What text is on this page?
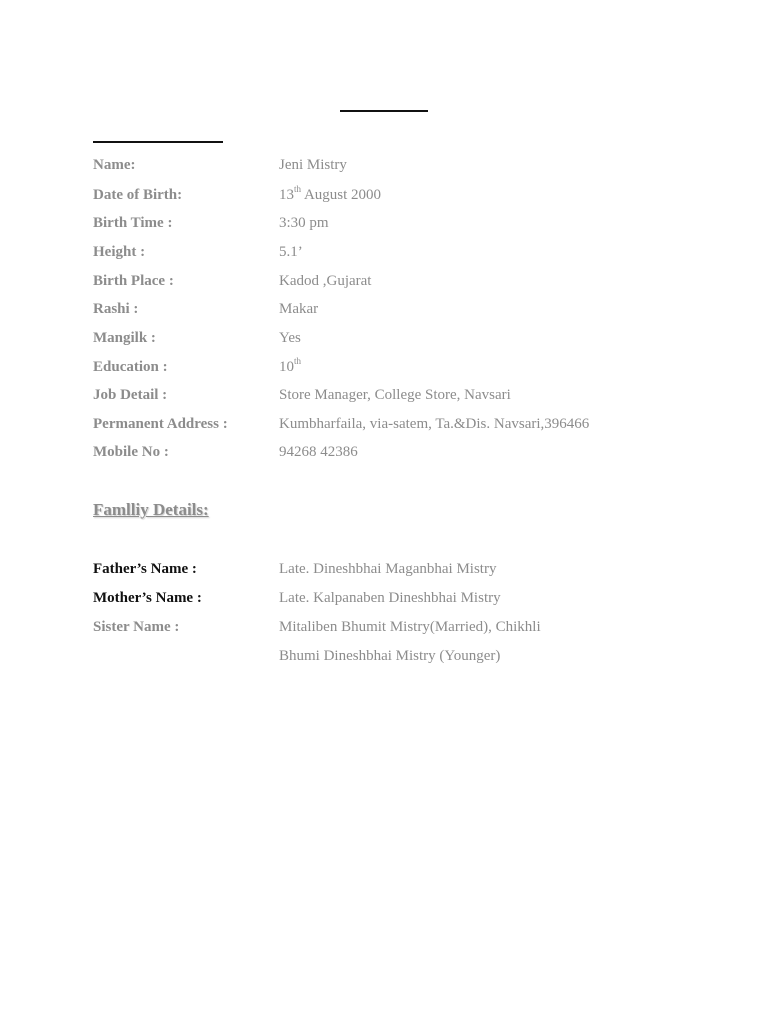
Name:	Jeni Mistry
Date of Birth:	13th August 2000
Birth Time :	3:30 pm
Height :	5.1’
Birth Place :	Kadod ,Gujarat
Rashi :	Makar
Mangilk :	Yes
Education :	10th
Job Detail :	Store Manager, College Store, Navsari
Permanent Address :	Kumbharfaila, via-satem, Ta.&Dis. Navsari,396466
Mobile No :	94268 42386
Famlliy Details:
Father’s Name :	Late. Dineshbhai Maganbhai Mistry
Mother’s Name :	Late. Kalpanaben Dineshbhai Mistry
Sister Name :	Mitaliben Bhumit Mistry(Married), Chikhli
Bhumi Dineshbhai Mistry (Younger)
